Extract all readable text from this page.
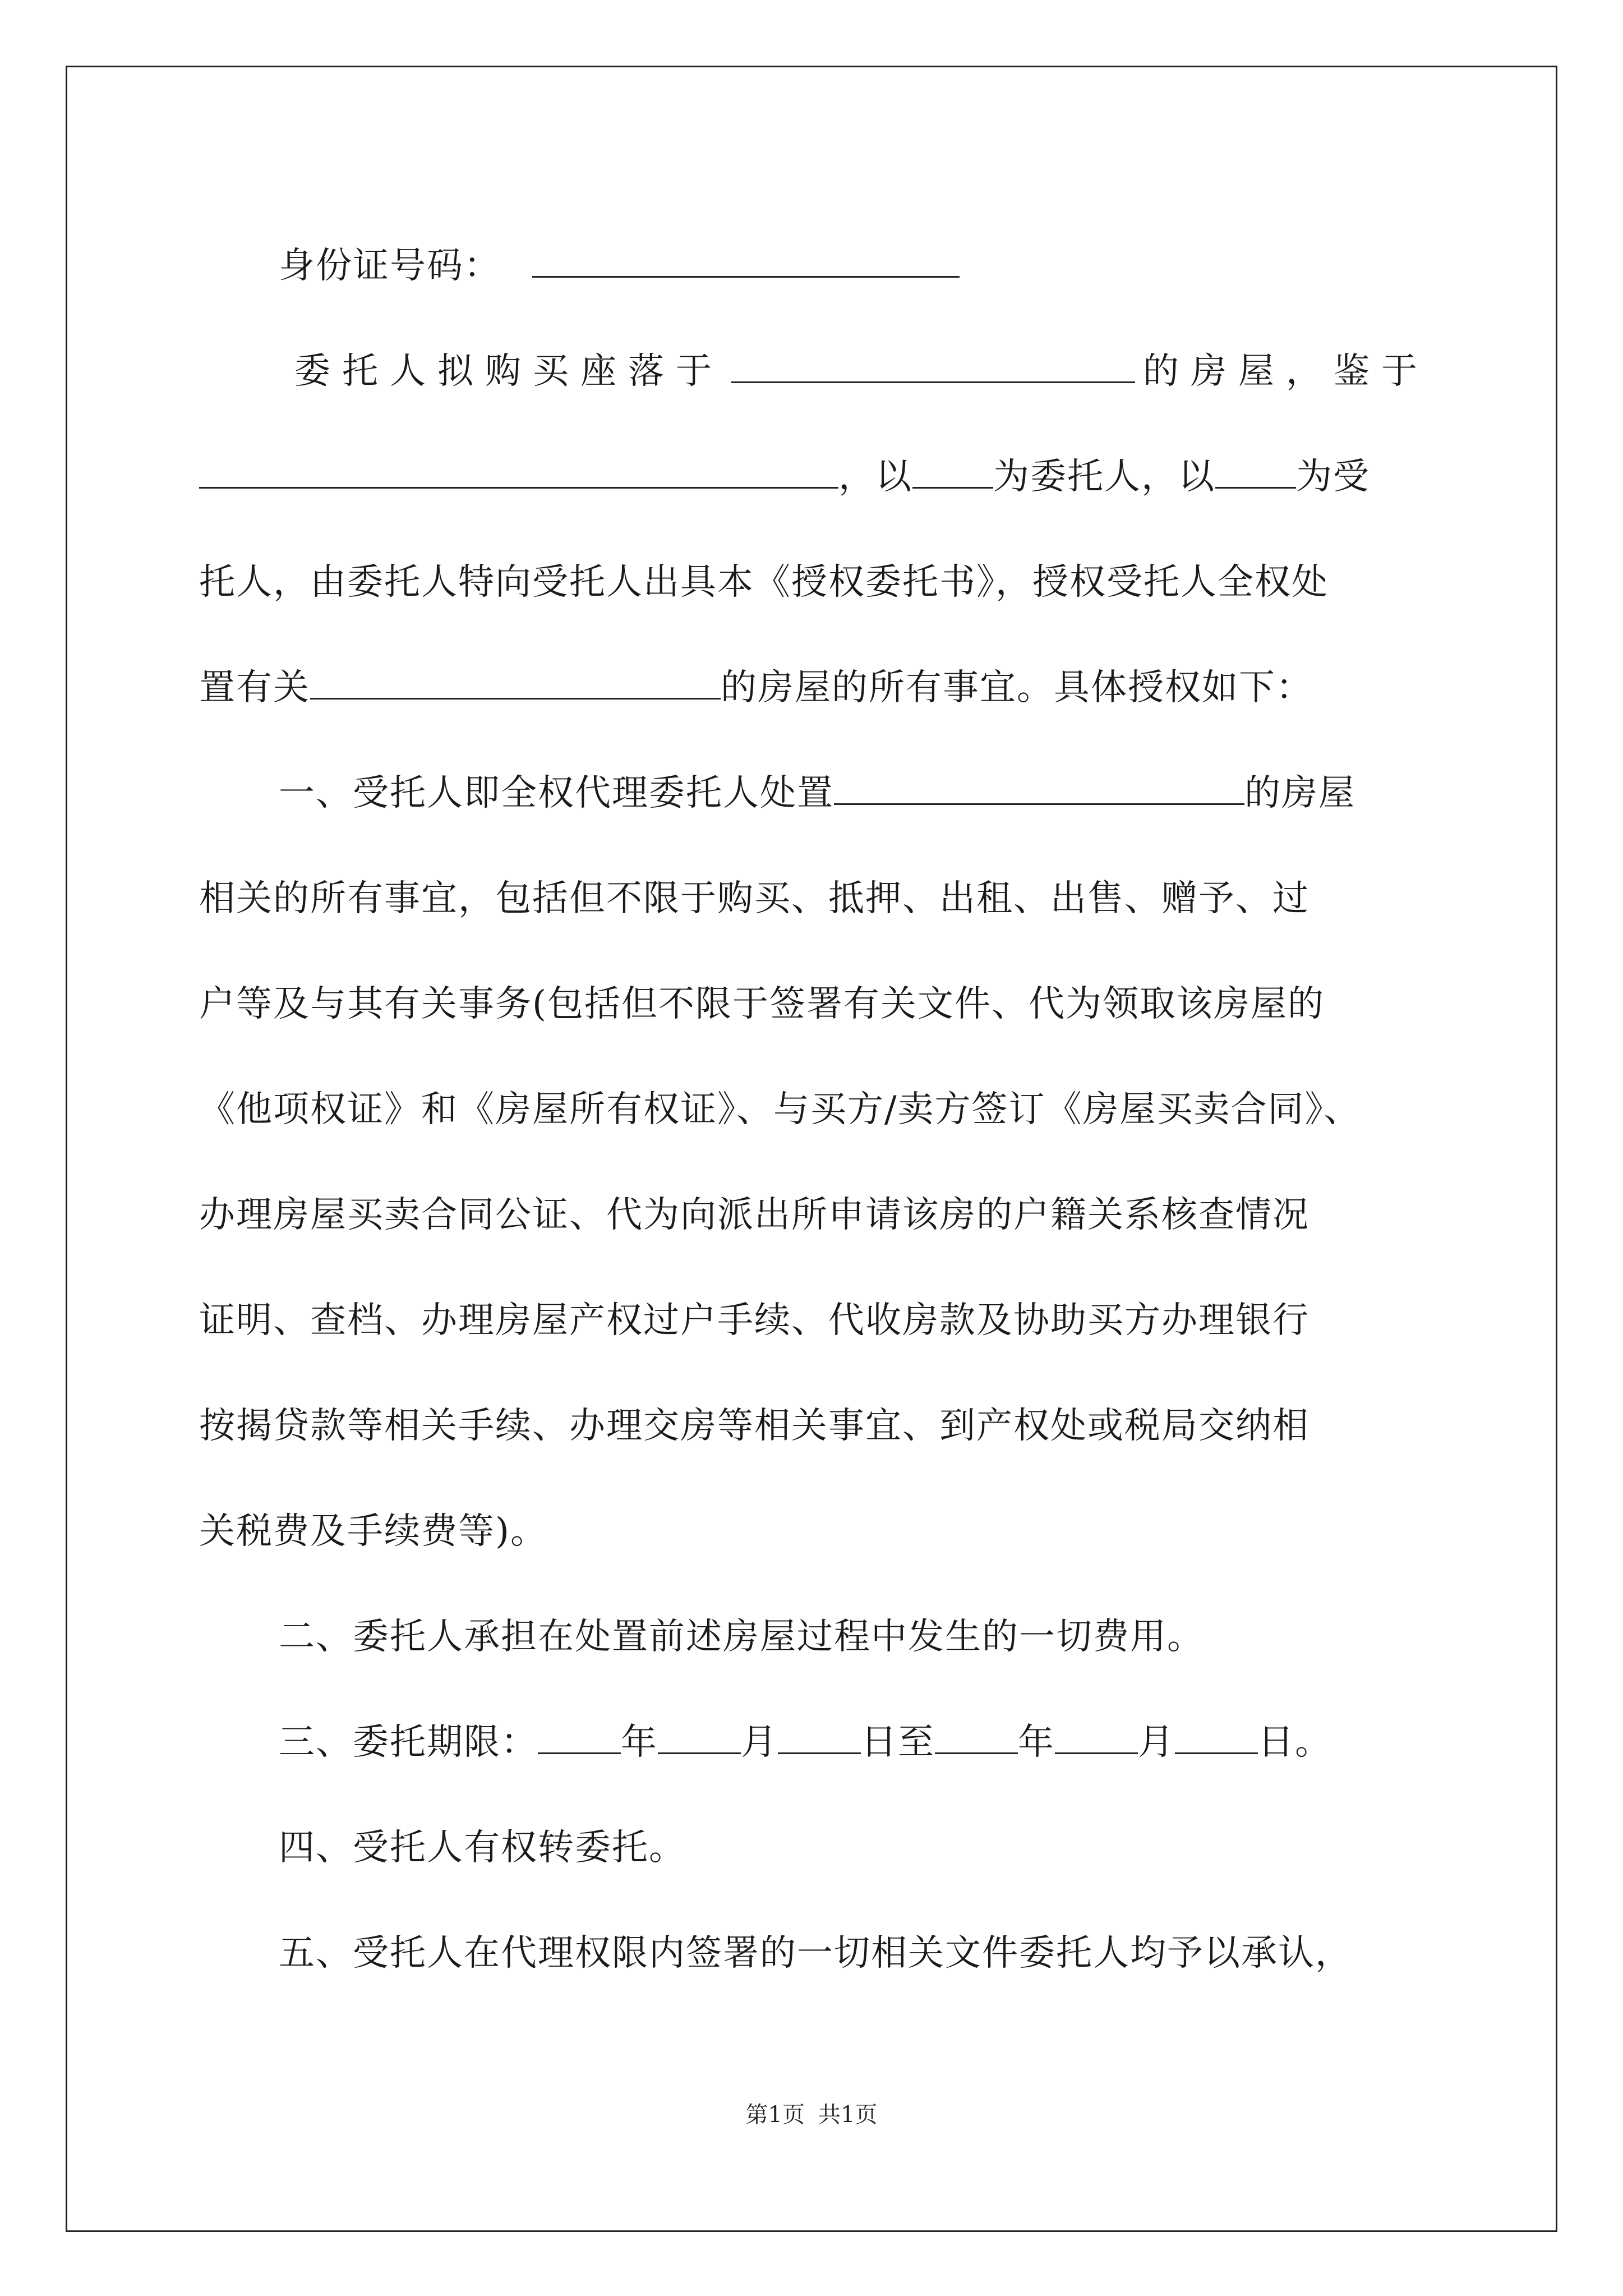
身份证号码：
委托人拟购买座落于	的房屋，鉴于
，以 为委托人，以 为受
托人，由委托人特向受托人出具本《授权委托书》，授权受托人全权处
置有关	的房屋的所有事宜。具体授权如下：
一、受托人即全权代理委托人处置	的房屋
相关的所有事宜，包括但不限于购买、抵押、出租、出售、赠予、过
户等及与其有关事务(包括但不限于签署有关文件、代为领取该房屋的
《他项权证》和《房屋所有权证》、与买方/卖方签订《房屋买卖合同》、
办理房屋买卖合同公证、代为向派出所申请该房的户籍关系核查情况
证明、查档、办理房屋产权过户手续、代收房款及协助买方办理银行
按揭贷款等相关手续、办理交房等相关事宜、到产权处或税局交纳相
关税费及手续费等)。
二、委托人承担在处置前述房屋过程中发生的一切费用。
三、委托期限： 年 月 日至 年 月 日。
四、受托人有权转委托。
五、受托人在代理权限内签署的一切相关文件委托人均予以承认，
第1页 共1页
